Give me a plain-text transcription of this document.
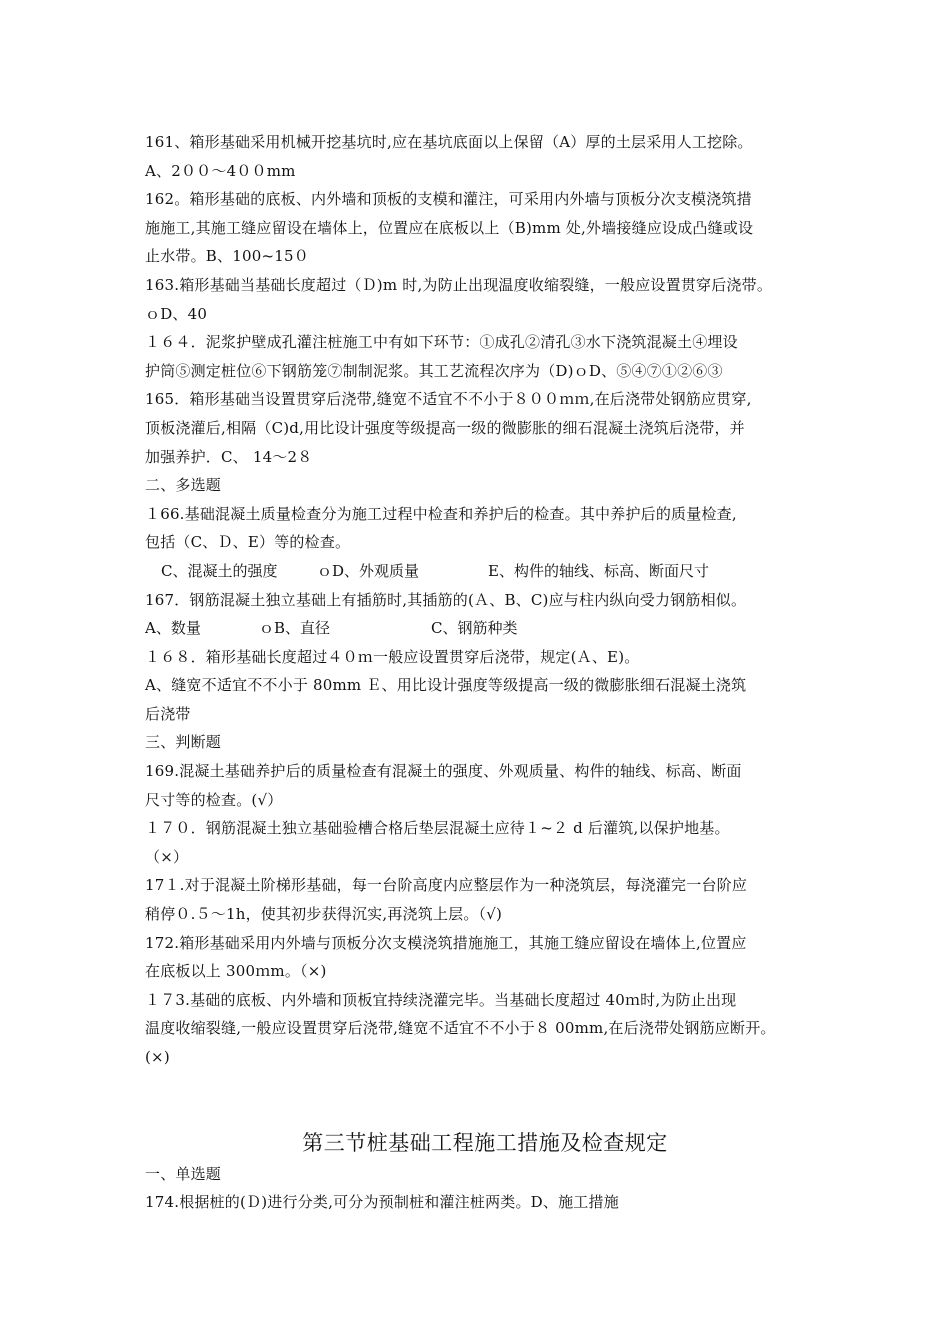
161、箱形基础采用机械开挖基坑时,应在基坑底面以上保留（A）厚的土层采用人工挖除。
A、2００～4００mm
162。箱形基础的底板、内外墙和顶板的支模和灌注，可采用内外墙与顶板分次支模浇筑措
施施工,其施工缝应留设在墙体上，位置应在底板以上（B)mm 处,外墙接缝应设成凸缝或设
止水带。B、100~15０
163.箱形基础当基础长度超过（Ｄ)m 时,为防止出现温度收缩裂缝，一般应设置贯穿后浇带。
ｏD、40
１６４．泥浆护壁成孔灌注桩施工中有如下环节：①成孔②清孔③水下浇筑混凝土④埋设
护筒⑤测定桩位⑥下钢筋笼⑦制制泥浆。其工艺流程次序为（D)ｏD、⑤④⑦①②⑥③
165．箱形基础当设置贯穿后浇带,缝宽不适宜不不小于８００ｍｍ,在后浇带处钢筋应贯穿,
顶板浇灌后,相隔（C)d,用比设计强度等级提高一级的微膨胀的细石混凝土浇筑后浇带，并
加强养护．C、 14～2８
二、多选题
１66.基础混凝土质量检查分为施工过程中检查和养护后的检查。其中养护后的质量检查,
包括（C、Ｄ、E）等的检查。
C、混凝土的强度	ｏD、外观质量	E、构件的轴线、标高、断面尺寸
167．钢筋混凝土独立基础上有插筋时,其插筋的(Ａ、B、C)应与柱内纵向受力钢筋相似。
A、数量	ｏB、直径	C、钢筋种类
１６８．箱形基础长度超过４０ｍ一般应设置贯穿后浇带，规定(Ａ、E)。
A、缝宽不适宜不不小于 80mm Ｅ、用比设计强度等级提高一级的微膨胀细石混凝土浇筑
后浇带
三、判断题
169.混凝土基础养护后的质量检查有混凝土的强度、外观质量、构件的轴线、标高、断面
尺寸等的检查。(√）
１７０．钢筋混凝土独立基础验槽合格后垫层混凝土应待１~２ d 后灌筑,以保护地基。
（×）
17１.对于混凝土阶梯形基础，每一台阶高度内应整层作为一种浇筑层，每浇灌完一台阶应
稍停０.５～1h，使其初步获得沉实,再浇筑上层。（√)
172.箱形基础采用内外墙与顶板分次支模浇筑措施施工，其施工缝应留设在墙体上,位置应
在底板以上 300ｍm。（×)
１７3.基础的底板、内外墙和顶板宜持续浇灌完毕。当基础长度超过 40ｍ时,为防止出现
温度收缩裂缝,一般应设置贯穿后浇带,缝宽不适宜不不小于８ 00mm,在后浇带处钢筋应断开。
(×)
第三节桩基础工程施工措施及检查规定
一、单选题
174.根据桩的(Ｄ)进行分类,可分为预制桩和灌注桩两类。D、施工措施
